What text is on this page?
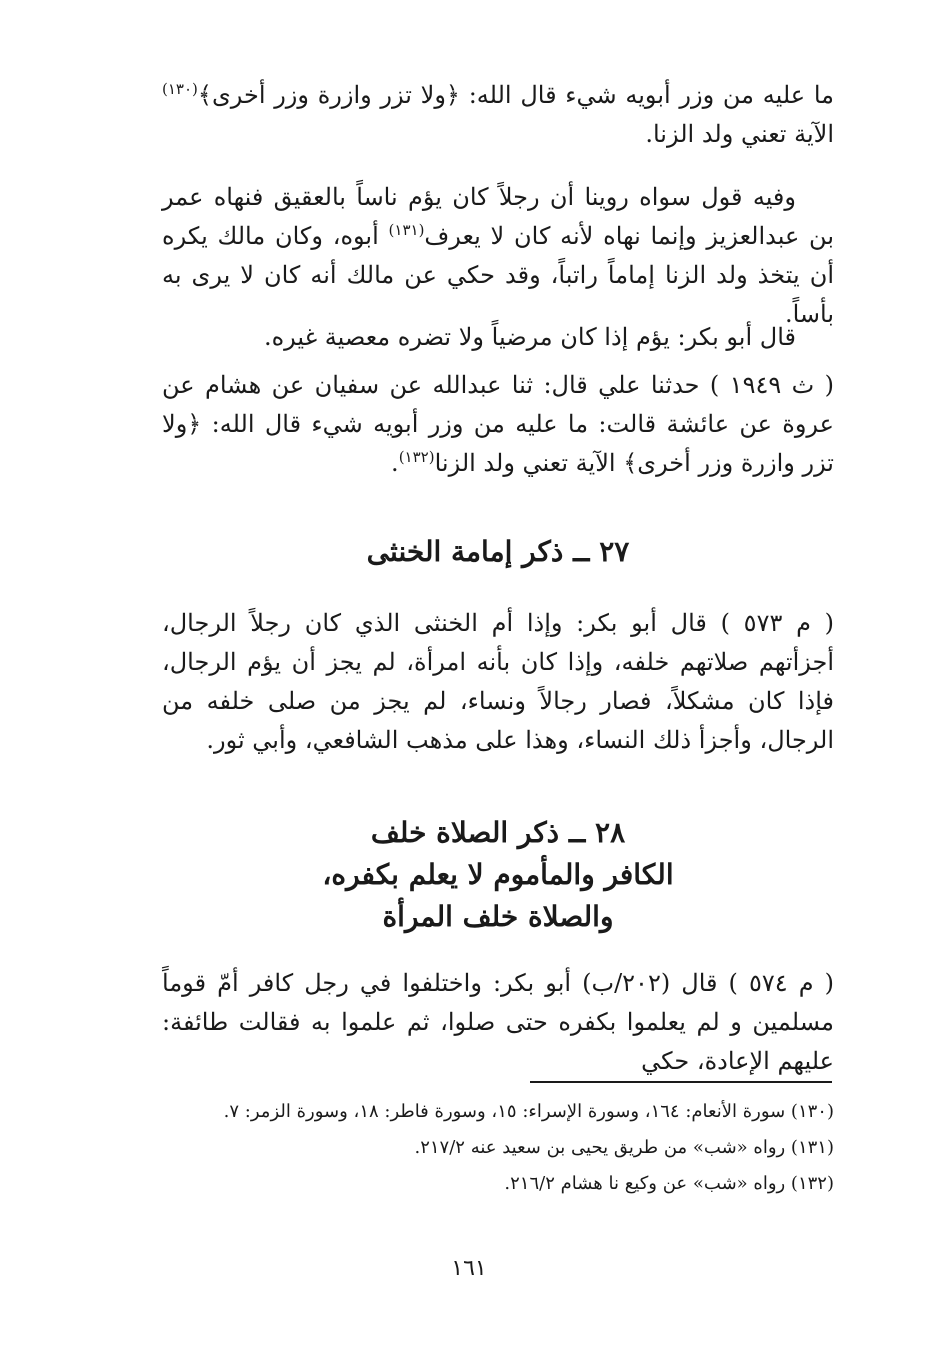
ما عليه من وزر أبويه شيء قال الله: ﴿ولا تزر وازرة وزر أخرى﴾$^{(١٣٠)}$ الآية تعني ولد الزنا.
وفيه قول سواه روينا أن رجلاً كان يؤم ناساً بالعقيق فنهاه عمر بن عبدالعزيز وإنما نهاه لأنه كان لا يعرف$^{(١٣١)}$ أبوه، وكان مالك يكره أن يتخذ ولد الزنا إماماً راتباً، وقد حكي عن مالك أنه كان لا يرى به بأساً.
قال أبو بكر: يؤم إذا كان مرضياً ولا تضره معصية غيره.
( ث ١٩٤٩ ) حدثنا علي قال: ثنا عبدالله عن سفيان عن هشام عن عروة عن عائشة قالت: ما عليه من وزر أبويه شيء قال الله: ﴿ولا تزر وازرة وزر أخرى﴾ الآية تعني ولد الزنا$^{(١٣٢)}$.
٢٧ ــ ذكر إمامة الخنثى
( م ٥٧٣ ) قال أبو بكر: وإذا أم الخنثى الذي كان رجلاً الرجال، أجزأتهم صلاتهم خلفه، وإذا كان بأنه امرأة، لم يجز أن يؤم الرجال، فإذا كان مشكلاً، فصار رجالاً ونساء، لم يجز من صلى خلفه من الرجال، وأجزأ ذلك النساء، وهذا على مذهب الشافعي، وأبي ثور.
٢٨ ــ ذكر الصلاة خلف
الكافر والمأموم لا يعلم بكفره،
والصلاة خلف المرأة
( م ٥٧٤ ) قال (٢٠٢/ب) أبو بكر: واختلفوا في رجل كافر أمّ قوماً مسلمين و لم يعلموا بكفره حتى صلوا، ثم علموا به فقالت طائفة: عليهم الإعادة، حكي
(١٣٠) سورة الأنعام: ١٦٤، وسورة الإسراء: ١٥، وسورة فاطر: ١٨، وسورة الزمر: ٧.
(١٣١) رواه «شب» من طريق يحيى بن سعيد عنه ٢١٧/٢.
(١٣٢) رواه «شب» عن وكيع نا هشام ٢١٦/٢.
١٦١
